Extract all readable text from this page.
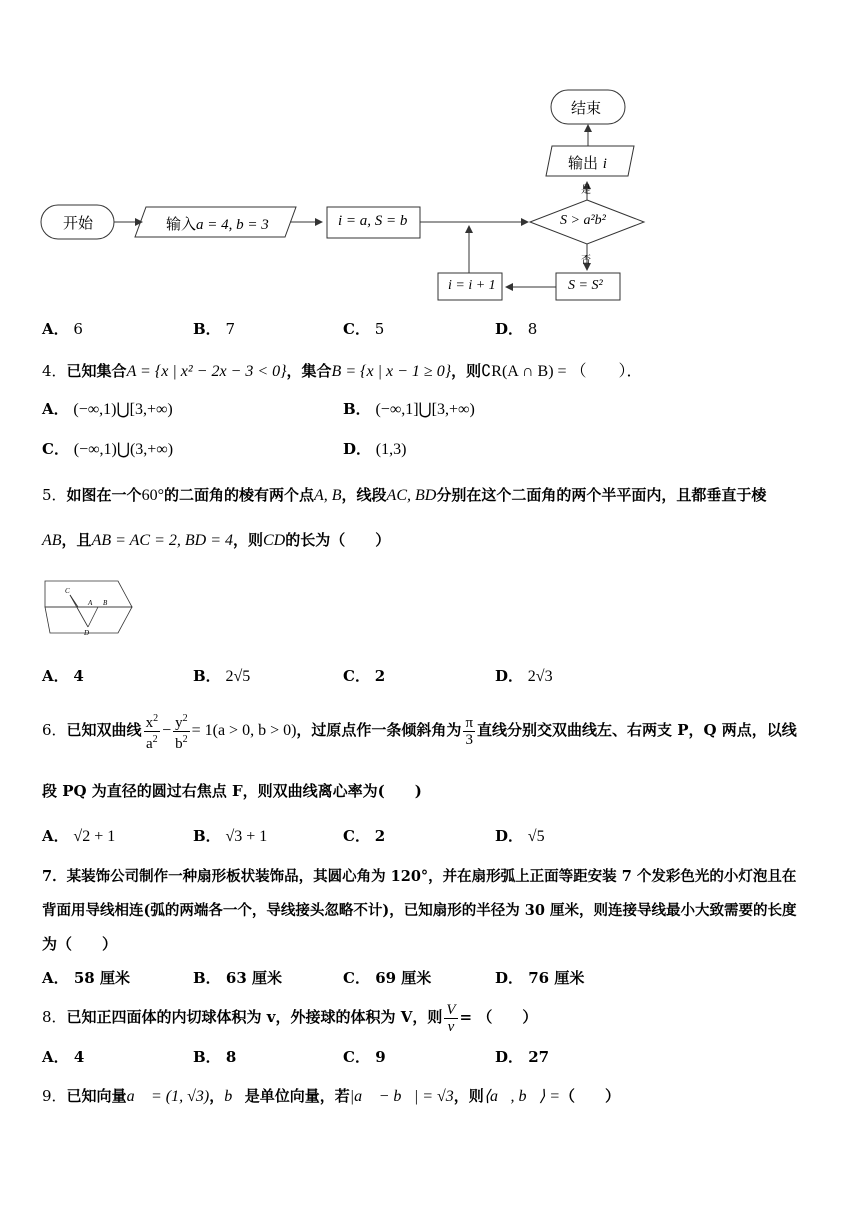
开始	输入a = 4, b = 3	i = a, S = b	S > a²b²
是
否
输出 i
结束
S = S²
i = i + 1
A． 6	B． 7	C． 5	D． 8
4．已知集合A = {x | x² − 2x − 3 < 0}，集合B = {x | x − 1 ≥ 0}，则∁R(A ∩ B) = （　　）．
A． (−∞,1)⋃[3,+∞)	B． (−∞,1]⋃[3,+∞)
C． (−∞,1)⋃(3,+∞)	D． (1,3)
5．如图在一个60°的二面角的棱有两个点A, B，线段AC, BD分别在这个二面角的两个半平面内，且都垂直于棱
AB，且AB = AC = 2, BD = 4，则CD的长为（　　）
C
A B
D
A． 4	B． 2√5	C． 2	D． 2√3
6．已知双曲线 $\frac{x^2}{a^2} - \frac{y^2}{b^2} = 1(a > 0$, b > 0)，过原点作一条倾斜角为 $\frac{\pi}{3}$ 直线分别交双曲线左、右两支 P，Q 两点，以线
段 PQ 为直径的圆过右焦点 F，则双曲线离心率为(　　)
A． √2 + 1	B． √3 + 1	C． 2	D． √5
7．某装饰公司制作一种扇形板状装饰品，其圆心角为 120°，并在扇形弧上正面等距安装 7 个发彩色光的小灯泡且在
背面用导线相连(弧的两端各一个，导线接头忽略不计)，已知扇形的半径为 30 厘米，则连接导线最小大致需要的长度
为（　　）
A． 58 厘米	B． 63 厘米	C． 69 厘米	D． 76 厘米
8．已知正四面体的内切球体积为 v，外接球的体积为 V，则 $\frac{V}{v}$ = （　　）
A． 4	B． 8	C． 9	D． 27
9．已知向量a⃗ = (1, √3)，b⃗是单位向量，若|a⃗ − b⃗| = √3，则⟨a⃗, b⃗⟩ =（　　）
